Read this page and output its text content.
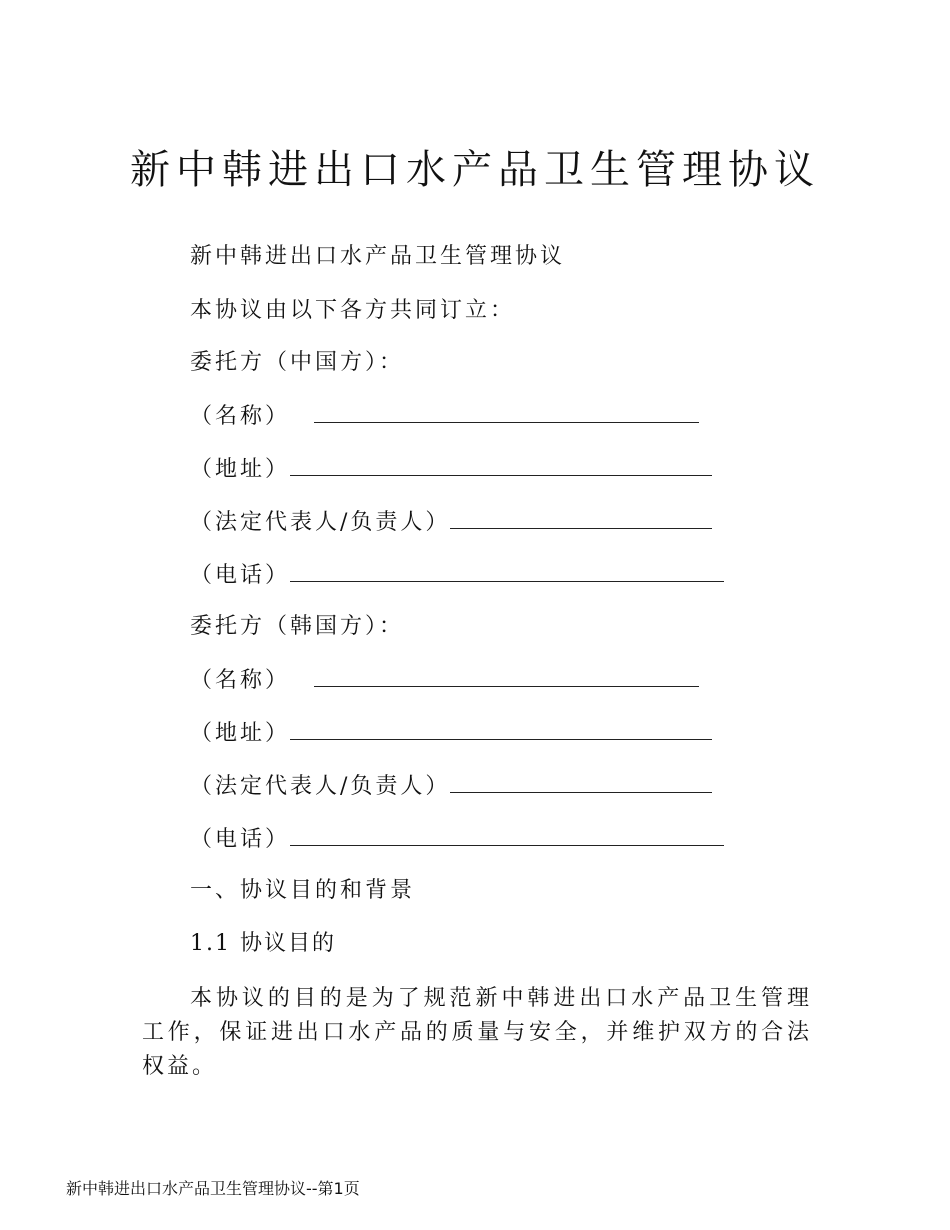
新中韩进出口水产品卫生管理协议
新中韩进出口水产品卫生管理协议
本协议由以下各方共同订立：
委托方（中国方）：
（名称）
（地址）
（法定代表人/负责人）
（电话）
委托方（韩国方）：
（名称）
（地址）
（法定代表人/负责人）
（电话）
一、协议目的和背景
1.1 协议目的

本协议的目的是为了规范新中韩进出口水产品卫生管理工作，保证进出口水产品的质量与安全，并维护双方的合法权益。

新中韩进出口水产品卫生管理协议--第1页
